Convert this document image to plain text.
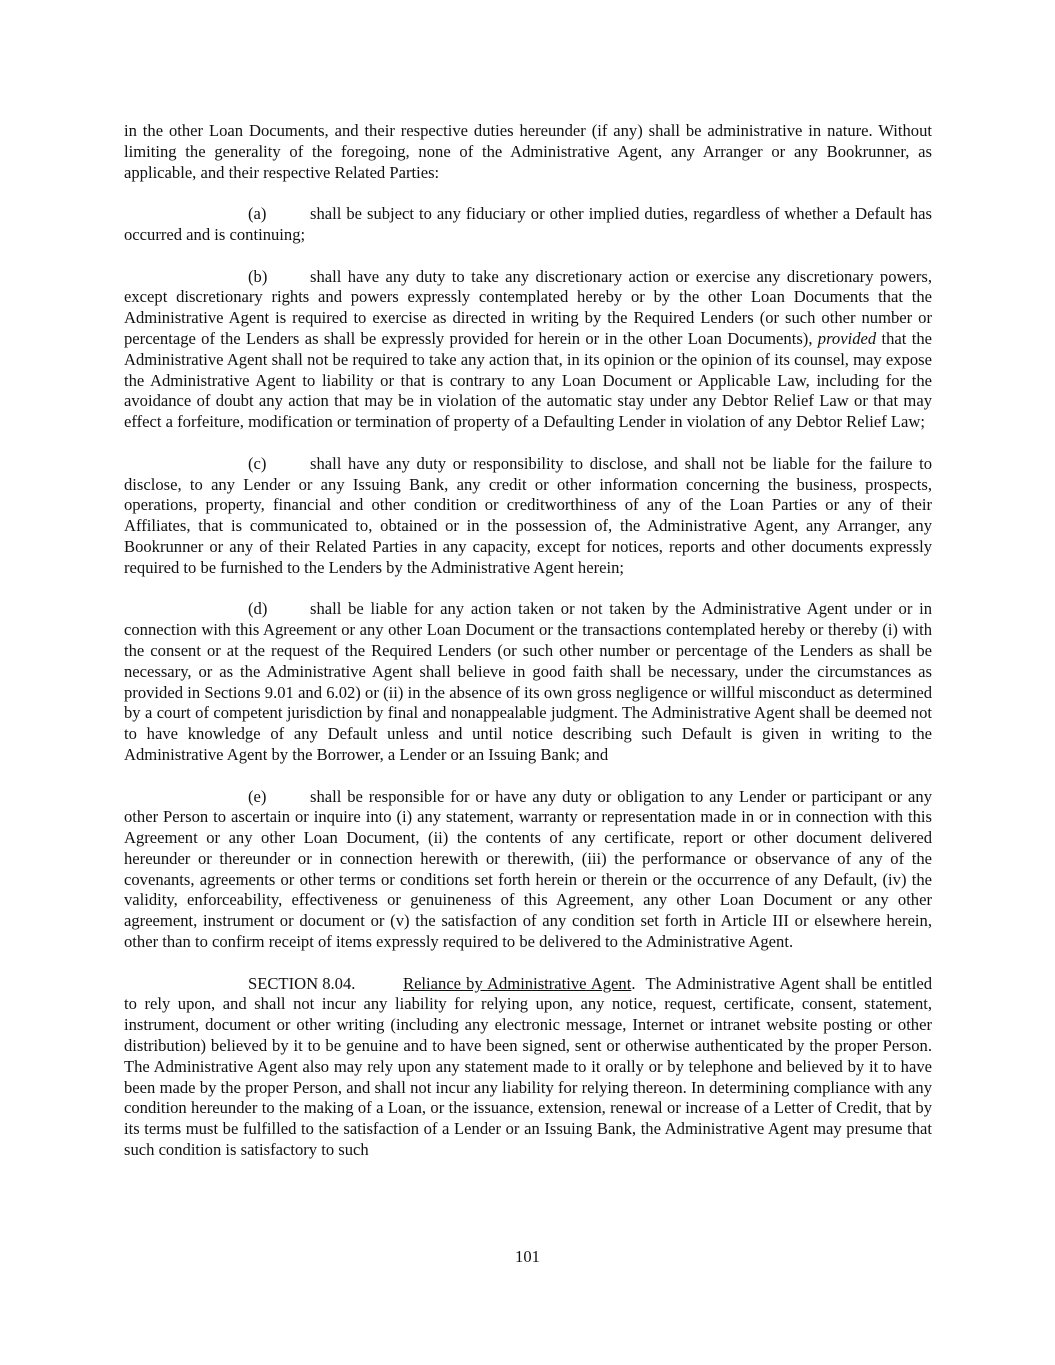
in the other Loan Documents, and their respective duties hereunder (if any) shall be administrative in nature. Without limiting the generality of the foregoing, none of the Administrative Agent, any Arranger or any Bookrunner, as applicable, and their respective Related Parties:

(a)	shall be subject to any fiduciary or other implied duties, regardless of whether a Default has occurred and is continuing;

(b)	shall have any duty to take any discretionary action or exercise any discretionary powers, except discretionary rights and powers expressly contemplated hereby or by the other Loan Documents that the Administrative Agent is required to exercise as directed in writing by the Required Lenders (or such other number or percentage of the Lenders as shall be expressly provided for herein or in the other Loan Documents), provided that the Administrative Agent shall not be required to take any action that, in its opinion or the opinion of its counsel, may expose the Administrative Agent to liability or that is contrary to any Loan Document or Applicable Law, including for the avoidance of doubt any action that may be in violation of the automatic stay under any Debtor Relief Law or that may effect a forfeiture, modification or termination of property of a Defaulting Lender in violation of any Debtor Relief Law;

(c)	shall have any duty or responsibility to disclose, and shall not be liable for the failure to disclose, to any Lender or any Issuing Bank, any credit or other information concerning the business, prospects, operations, property, financial and other condition or creditworthiness of any of the Loan Parties or any of their Affiliates, that is communicated to, obtained or in the possession of, the Administrative Agent, any Arranger, any Bookrunner or any of their Related Parties in any capacity, except for notices, reports and other documents expressly required to be furnished to the Lenders by the Administrative Agent herein;

(d)	shall be liable for any action taken or not taken by the Administrative Agent under or in connection with this Agreement or any other Loan Document or the transactions contemplated hereby or thereby (i) with the consent or at the request of the Required Lenders (or such other number or percentage of the Lenders as shall be necessary, or as the Administrative Agent shall believe in good faith shall be necessary, under the circumstances as provided in Sections 9.01 and 6.02) or (ii) in the absence of its own gross negligence or willful misconduct as determined by a court of competent jurisdiction by final and nonappealable judgment. The Administrative Agent shall be deemed not to have knowledge of any Default unless and until notice describing such Default is given in writing to the Administrative Agent by the Borrower, a Lender or an Issuing Bank; and

(e)	shall be responsible for or have any duty or obligation to any Lender or participant or any other Person to ascertain or inquire into (i) any statement, warranty or representation made in or in connection with this Agreement or any other Loan Document, (ii) the contents of any certificate, report or other document delivered hereunder or thereunder or in connection herewith or therewith, (iii) the performance or observance of any of the covenants, agreements or other terms or conditions set forth herein or therein or the occurrence of any Default, (iv) the validity, enforceability, effectiveness or genuineness of this Agreement, any other Loan Document or any other agreement, instrument or document or (v) the satisfaction of any condition set forth in Article III or elsewhere herein, other than to confirm receipt of items expressly required to be delivered to the Administrative Agent.

SECTION 8.04.	Reliance by Administrative Agent. The Administrative Agent shall be entitled to rely upon, and shall not incur any liability for relying upon, any notice, request, certificate, consent, statement, instrument, document or other writing (including any electronic message, Internet or intranet website posting or other distribution) believed by it to be genuine and to have been signed, sent or otherwise authenticated by the proper Person. The Administrative Agent also may rely upon any statement made to it orally or by telephone and believed by it to have been made by the proper Person, and shall not incur any liability for relying thereon. In determining compliance with any condition hereunder to the making of a Loan, or the issuance, extension, renewal or increase of a Letter of Credit, that by its terms must be fulfilled to the satisfaction of a Lender or an Issuing Bank, the Administrative Agent may presume that such condition is satisfactory to such

101
